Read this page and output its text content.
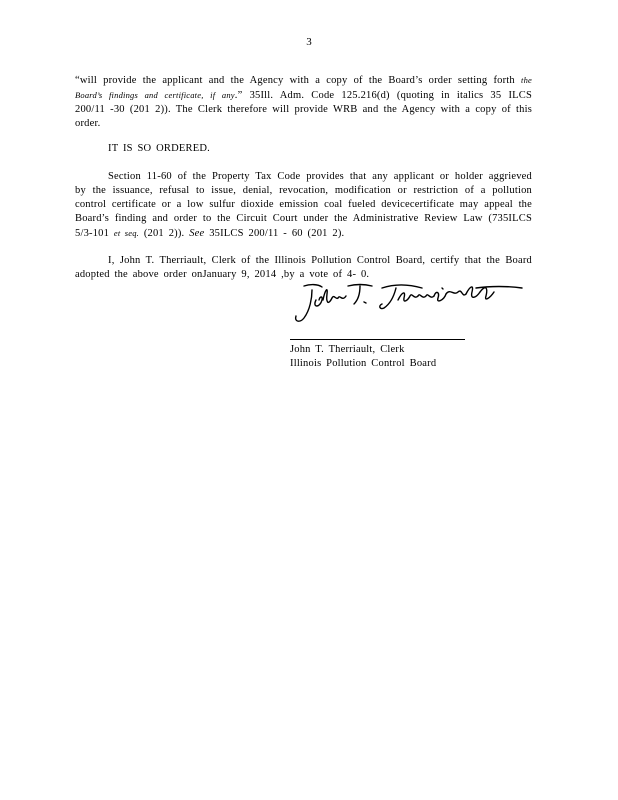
3
“will provide the applicant and the Agency with a copy of the Board’s order setting forth the Board’s findings and certificate, if any.” 35Ill. Adm. Code 125.216(d) (quoting in italics 35 ILCS 200/11 -30 (201 2)). The Clerk therefore will provide WRB and the Agency with a copy of this order.
IT IS SO ORDERED.
Section 11-60 of the Property Tax Code provides that any applicant or holder aggrieved by the issuance, refusal to issue, denial, revocation, modification or restriction of a pollution control certificate or a low sulfur dioxide emission coal fueled devicecertificate may appeal the Board’s finding and order to the Circuit Court under the Administrative Review Law (735ILCS 5/3-101 et seq. (201 2)). See 35ILCS 200/11 - 60 (201 2).
I, John T. Therriault, Clerk of the Illinois Pollution Control Board, certify that the Board adopted the above order onJanuary 9, 2014 ,by a vote of 4- 0.
John T. Therriault, Clerk
Illinois Pollution Control Board
